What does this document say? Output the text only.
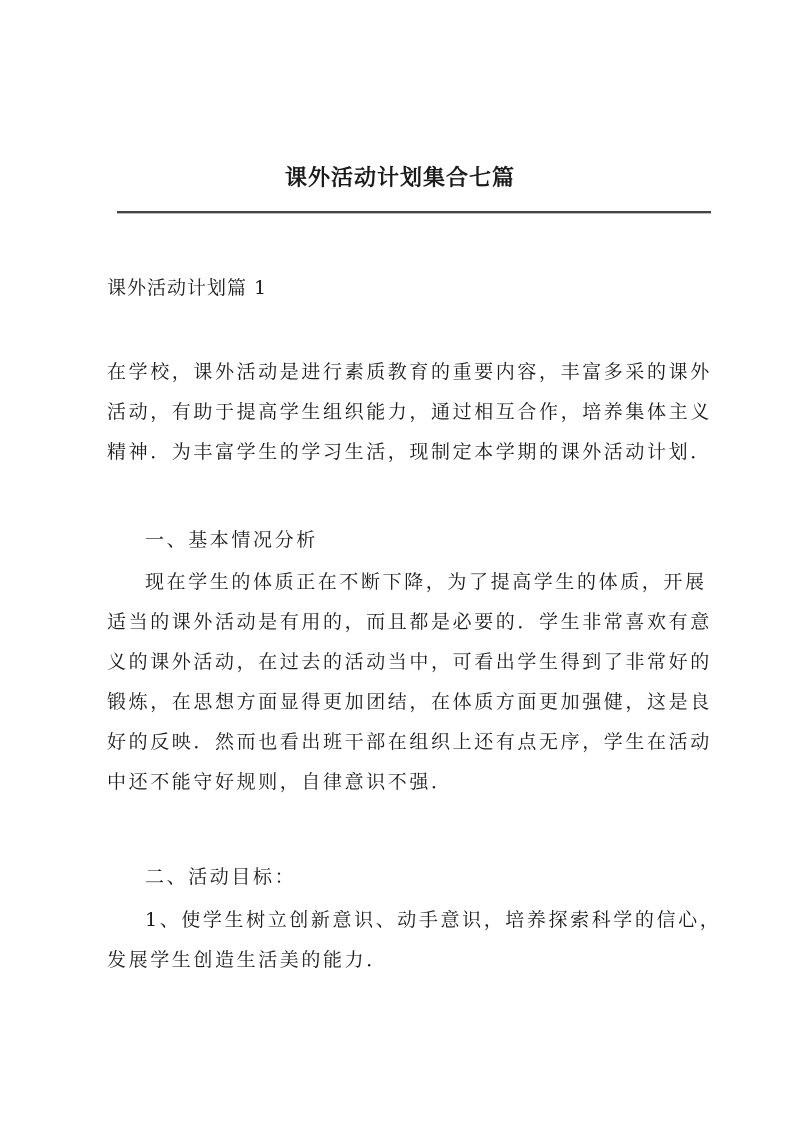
课外活动计划集合七篇
课外活动计划篇 1
在学校，课外活动是进行素质教育的重要内容，丰富多采的课外
活动，有助于提高学生组织能力，通过相互合作，培养集体主义
精神．为丰富学生的学习生活，现制定本学期的课外活动计划．
一、基本情况分析
现在学生的体质正在不断下降，为了提高学生的体质，开展
适当的课外活动是有用的，而且都是必要的．学生非常喜欢有意
义的课外活动，在过去的活动当中，可看出学生得到了非常好的
锻炼，在思想方面显得更加团结，在体质方面更加强健，这是良
好的反映．然而也看出班干部在组织上还有点无序，学生在活动
中还不能守好规则，自律意识不强．
二、活动目标：
1、使学生树立创新意识、动手意识，培养探索科学的信心，
发展学生创造生活美的能力．
